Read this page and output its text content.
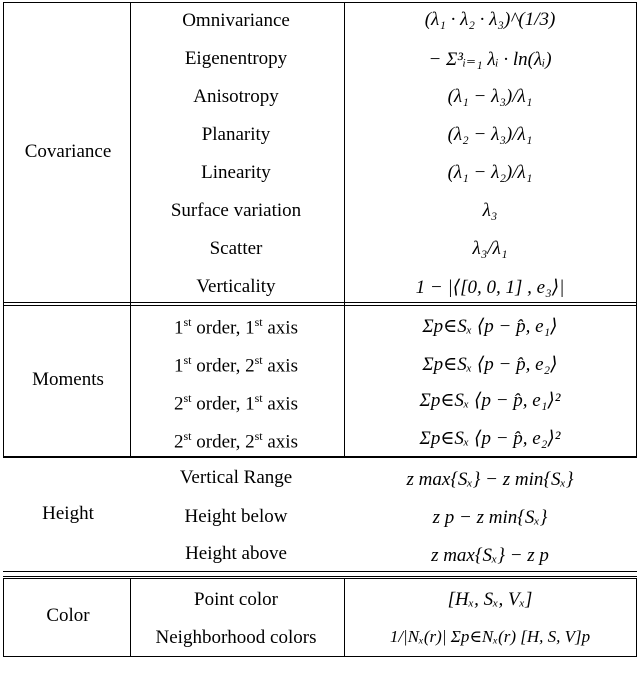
Covariance
Moments
Height
Color
Omnivariance
Eigenentropy
Anisotropy
Planarity
Linearity
Surface variation
Scatter
Verticality
(λ₁ · λ₂ · λ₃)^(1/3)
− Σ³ᵢ₌₁ λᵢ · ln(λᵢ)
(λ₁ − λ₃)/λ₁
(λ₂ − λ₃)/λ₁
(λ₁ − λ₂)/λ₁
λ₃
λ₃/λ₁
1 − |⟨[0, 0, 1] , e₃⟩|
1st order, 1st axis
1st order, 2st axis
2st order, 1st axis
2st order, 2st axis
Σp∈Sₓ ⟨p − p̂, e₁⟩
Σp∈Sₓ ⟨p − p̂, e₂⟩
Σp∈Sₓ ⟨p − p̂, e₁⟩²
Σp∈Sₓ ⟨p − p̂, e₂⟩²
Vertical Range
Height below
Height above
z max{Sₓ} − z min{Sₓ}
z p − z min{Sₓ}
z max{Sₓ} − z p
Point color
Neighborhood colors
[Hₓ, Sₓ, Vₓ]
1/|Nₓ(r)| Σp∈Nₓ(r) [H, S, V]p
